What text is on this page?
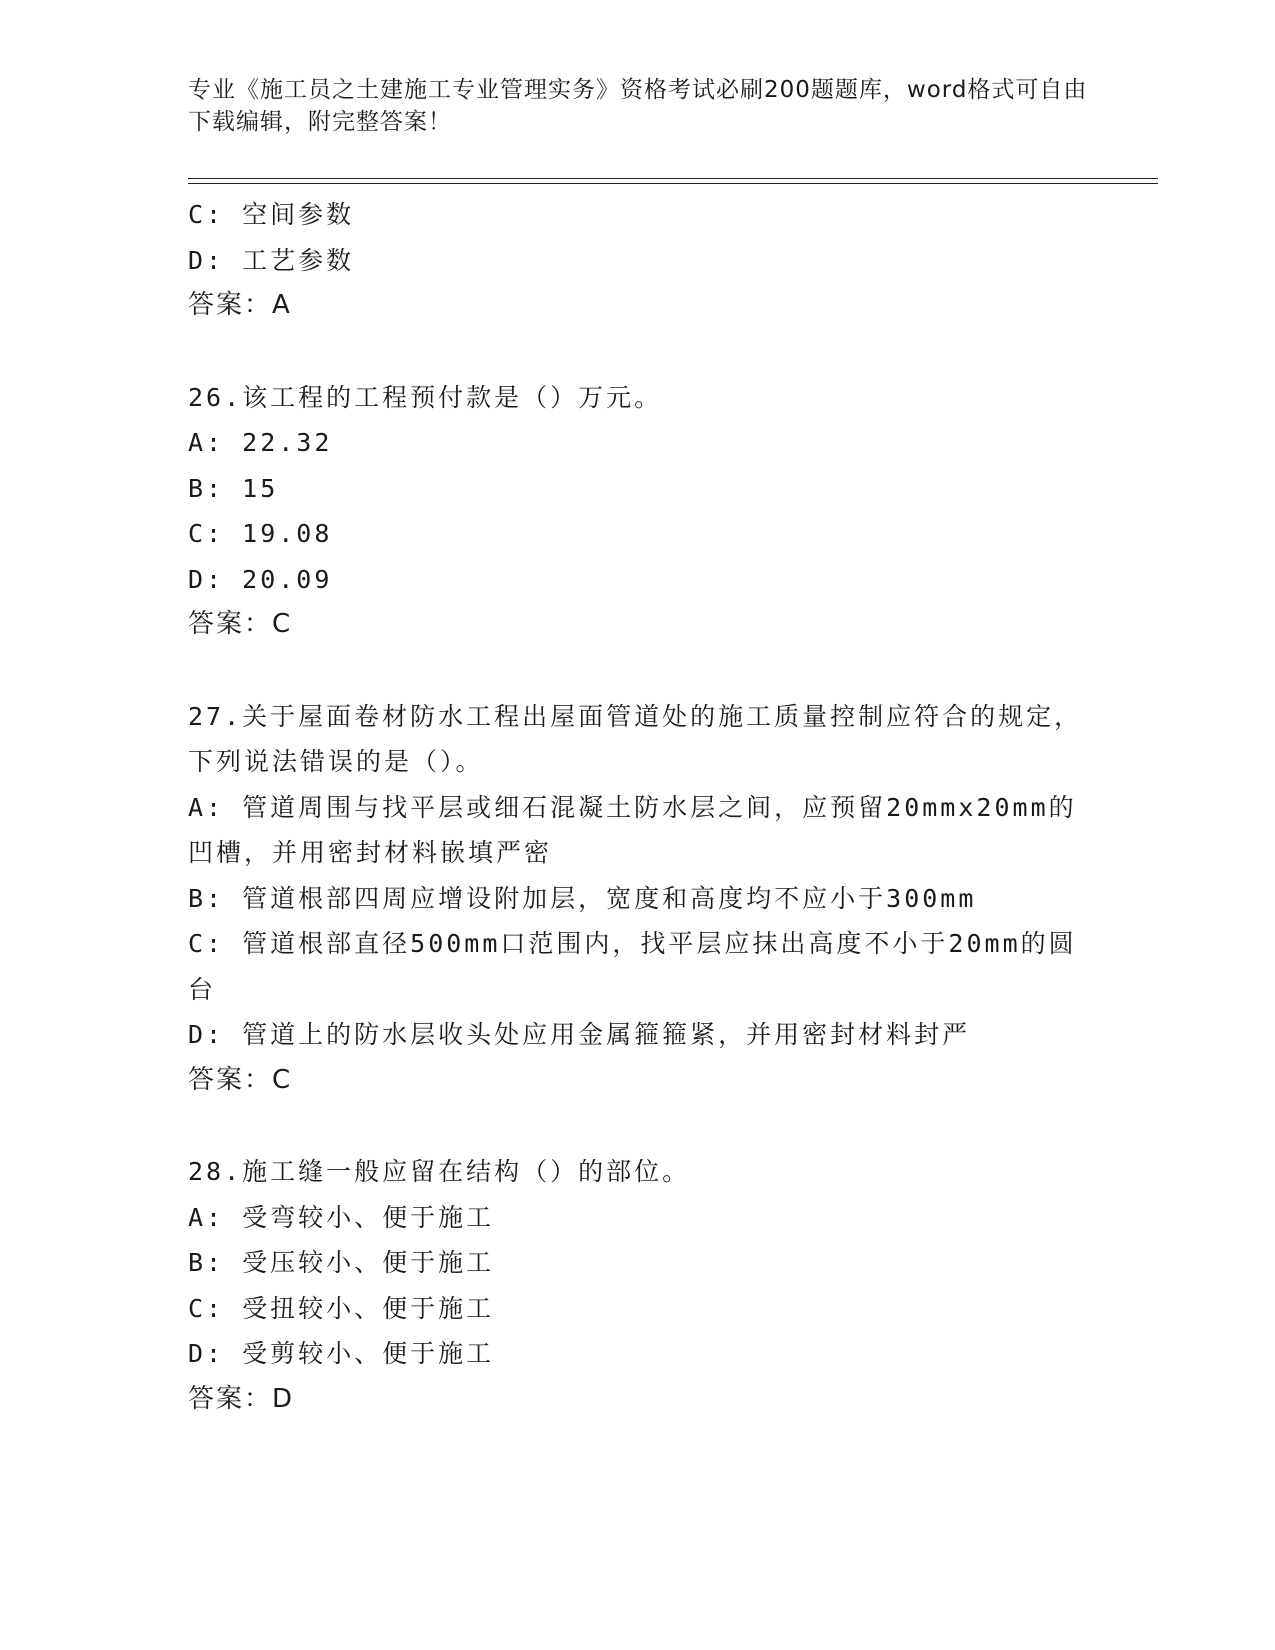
专业《施工员之土建施工专业管理实务》资格考试必刷200题题库，word格式可自由下载编辑，附完整答案！
C: 空间参数
D: 工艺参数
答案：A
26.该工程的工程预付款是（）万元。
A: 22.32
B: 15
C: 19.08
D: 20.09
答案：C
27.关于屋面卷材防水工程出屋面管道处的施工质量控制应符合的规定，下列说法错误的是（）。
A: 管道周围与找平层或细石混凝土防水层之间，应预留20mmx20mm的凹槽，并用密封材料嵌填严密
B: 管道根部四周应增设附加层，宽度和高度均不应小于300mm
C: 管道根部直径500mm口范围内，找平层应抹出高度不小于20mm的圆台
D: 管道上的防水层收头处应用金属箍箍紧，并用密封材料封严
答案：C
28.施工缝一般应留在结构（）的部位。
A: 受弯较小、便于施工
B: 受压较小、便于施工
C: 受扭较小、便于施工
D: 受剪较小、便于施工
答案：D
